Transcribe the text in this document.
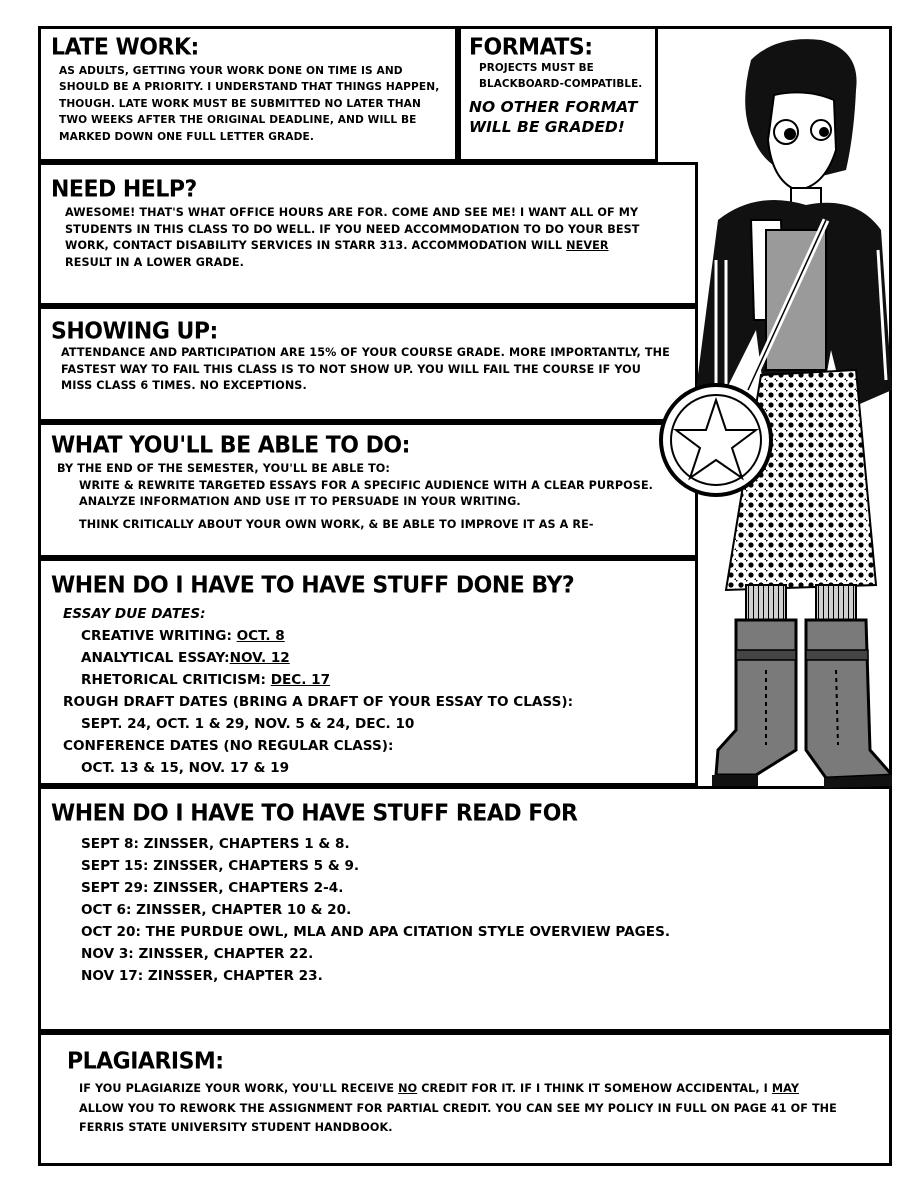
LATE WORK:
AS ADULTS, GETTING YOUR WORK DONE ON TIME IS AND SHOULD BE A PRIORITY. I UNDERSTAND THAT THINGS HAPPEN, THOUGH. LATE WORK MUST BE SUBMITTED NO LATER THAN TWO WEEKS AFTER THE ORIGINAL DEADLINE, AND WILL BE MARKED DOWN ONE FULL LETTER GRADE.
FORMATS:
PROJECTS MUST BE BLACKBOARD-COMPATIBLE.
NO OTHER FORMAT WILL BE GRADED!
NEED HELP?
AWESOME! THAT'S WHAT OFFICE HOURS ARE FOR. COME AND SEE ME! I WANT ALL OF MY STUDENTS IN THIS CLASS TO DO WELL. IF YOU NEED ACCOMMODATION TO DO YOUR BEST WORK, CONTACT DISABILITY SERVICES IN STARR 313. ACCOMMODATION WILL NEVER RESULT IN A LOWER GRADE.
SHOWING UP:
ATTENDANCE AND PARTICIPATION ARE 15% OF YOUR COURSE GRADE. MORE IMPORTANTLY, THE FASTEST WAY TO FAIL THIS CLASS IS TO NOT SHOW UP. YOU WILL FAIL THE COURSE IF YOU MISS CLASS 6 TIMES. NO EXCEPTIONS.
WHAT YOU'LL BE ABLE TO DO:
BY THE END OF THE SEMESTER, YOU'LL BE ABLE TO:
WRITE & REWRITE TARGETED ESSAYS FOR A SPECIFIC AUDIENCE WITH A CLEAR PURPOSE.
ANALYZE INFORMATION AND USE IT TO PERSUADE IN YOUR WRITING.
THINK CRITICALLY ABOUT YOUR OWN WORK, & BE ABLE TO IMPROVE IT AS A RE-
WHEN DO I HAVE TO HAVE STUFF DONE BY?
ESSAY DUE DATES:
CREATIVE WRITING: OCT. 8
ANALYTICAL ESSAY:NOV. 12
RHETORICAL CRITICISM: DEC. 17
ROUGH DRAFT DATES (BRING A DRAFT OF YOUR ESSAY TO CLASS):
SEPT. 24, OCT. 1 & 29, NOV. 5 & 24, DEC. 10
CONFERENCE DATES (NO REGULAR CLASS):
OCT. 13 & 15, NOV. 17 & 19
WHEN DO I HAVE TO HAVE STUFF READ FOR
SEPT 8: ZINSSER, CHAPTERS 1 & 8.
SEPT 15: ZINSSER, CHAPTERS 5 & 9.
SEPT 29: ZINSSER, CHAPTERS 2-4.
OCT 6: ZINSSER, CHAPTER 10 & 20.
OCT 20: THE PURDUE OWL, MLA AND APA CITATION STYLE OVERVIEW PAGES.
NOV 3: ZINSSER, CHAPTER 22.
NOV 17: ZINSSER, CHAPTER 23.
PLAGIARISM:
IF YOU PLAGIARIZE YOUR WORK, YOU'LL RECEIVE NO CREDIT FOR IT. IF I THINK IT SOMEHOW ACCIDENTAL, I MAY ALLOW YOU TO REWORK THE ASSIGNMENT FOR PARTIAL CREDIT. YOU CAN SEE MY POLICY IN FULL ON PAGE 41 OF THE FERRIS STATE UNIVERSITY STUDENT HANDBOOK.
